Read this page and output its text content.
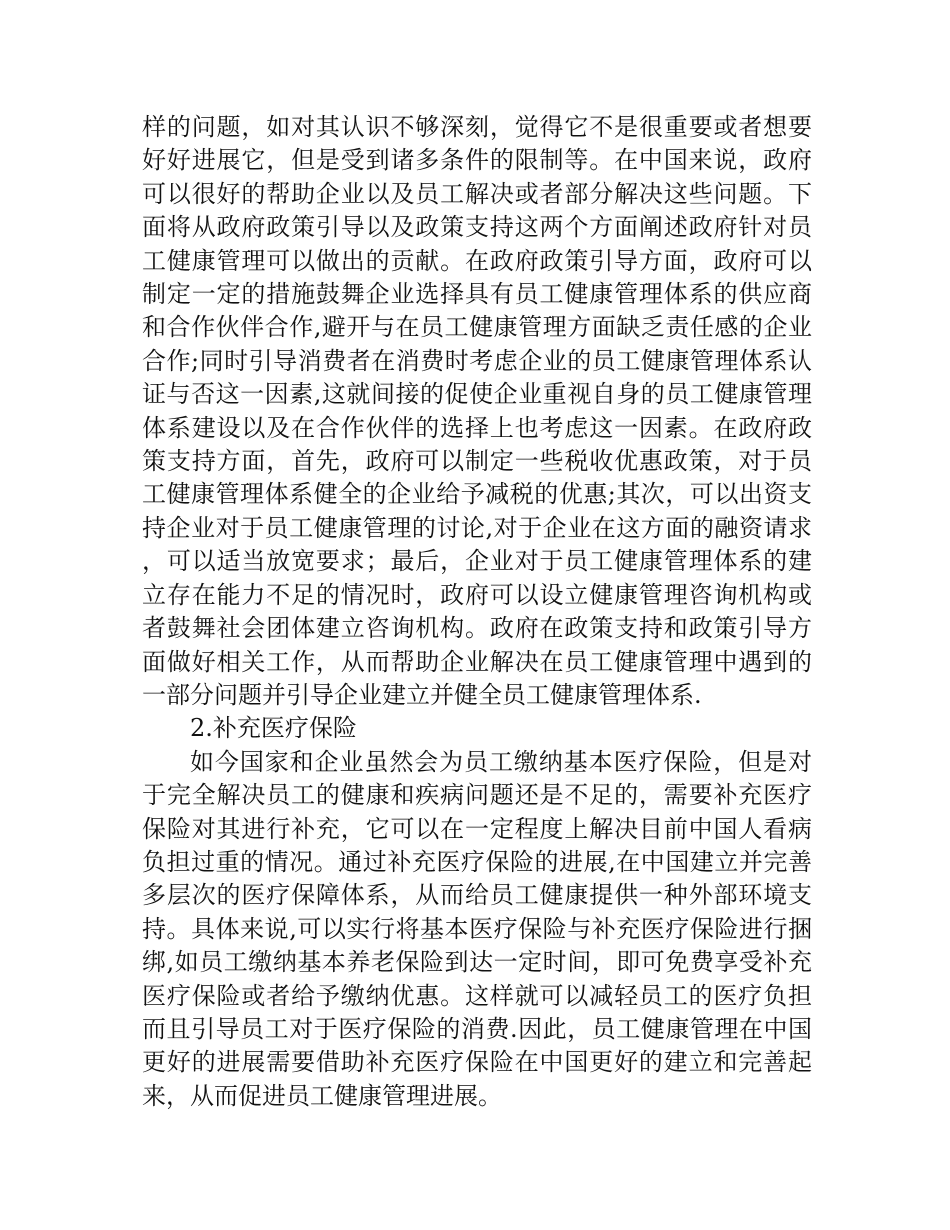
样的问题，如对其认识不够深刻，觉得它不是很重要或者想要好好进展它，但是受到诸多条件的限制等。在中国来说，政府可以很好的帮助企业以及员工解决或者部分解决这些问题。下面将从政府政策引导以及政策支持这两个方面阐述政府针对员工健康管理可以做出的贡献。在政府政策引导方面，政府可以制定一定的措施鼓舞企业选择具有员工健康管理体系的供应商和合作伙伴合作,避开与在员工健康管理方面缺乏责任感的企业合作;同时引导消费者在消费时考虑企业的员工健康管理体系认证与否这一因素,这就间接的促使企业重视自身的员工健康管理体系建设以及在合作伙伴的选择上也考虑这一因素。在政府政策支持方面，首先，政府可以制定一些税收优惠政策，对于员工健康管理体系健全的企业给予减税的优惠;其次，可以出资支持企业对于员工健康管理的讨论,对于企业在这方面的融资请求，可以适当放宽要求；最后，企业对于员工健康管理体系的建立存在能力不足的情况时，政府可以设立健康管理咨询机构或者鼓舞社会团体建立咨询机构。政府在政策支持和政策引导方面做好相关工作，从而帮助企业解决在员工健康管理中遇到的一部分问题并引导企业建立并健全员工健康管理体系.

2.补充医疗保险

如今国家和企业虽然会为员工缴纳基本医疗保险，但是对于完全解决员工的健康和疾病问题还是不足的，需要补充医疗保险对其进行补充，它可以在一定程度上解决目前中国人看病负担过重的情况。通过补充医疗保险的进展,在中国建立并完善多层次的医疗保障体系，从而给员工健康提供一种外部环境支持。具体来说,可以实行将基本医疗保险与补充医疗保险进行捆绑,如员工缴纳基本养老保险到达一定时间，即可免费享受补充医疗保险或者给予缴纳优惠。这样就可以减轻员工的医疗负担而且引导员工对于医疗保险的消费.因此，员工健康管理在中国更好的进展需要借助补充医疗保险在中国更好的建立和完善起来，从而促进员工健康管理进展。
